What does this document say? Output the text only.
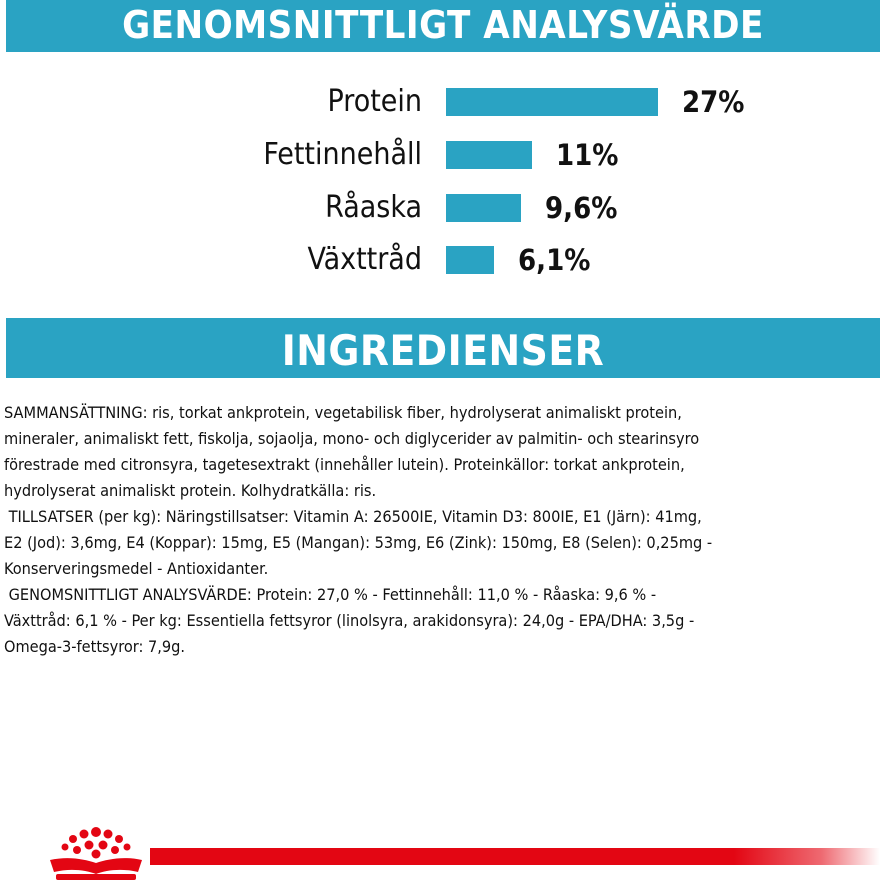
GENOMSNITTLIGT ANALYSVÄRDE
Protein	27%
Fettinnehåll	11%
Råaska	9,6%
Växttråd	6,1%
INGREDIENSER

SAMMANSÄTTNING: ris, torkat ankprotein, vegetabilisk fiber, hydrolyserat animaliskt protein,
mineraler, animaliskt fett, fiskolja, sojaolja, mono- och diglycerider av palmitin- och stearinsyro
förestrade med citronsyra, tagetesextrakt (innehåller lutein). Proteinkällor: torkat ankprotein,
hydrolyserat animaliskt protein. Kolhydratkälla: ris.

TILLSATSER (per kg): Näringstillsatser: Vitamin A: 26500IE, Vitamin D3: 800IE, E1 (Järn): 41mg,
E2 (Jod): 3,6mg, E4 (Koppar): 15mg, E5 (Mangan): 53mg, E6 (Zink): 150mg, E8 (Selen): 0,25mg -
Konserveringsmedel - Antioxidanter.

GENOMSNITTLIGT ANALYSVÄRDE: Protein: 27,0 % - Fettinnehåll: 11,0 % - Råaska: 9,6 % -
Växttråd: 6,1 % - Per kg: Essentiella fettsyror (linolsyra, arakidonsyra): 24,0g - EPA/DHA: 3,5g -
Omega-3-fettsyror: 7,9g.
